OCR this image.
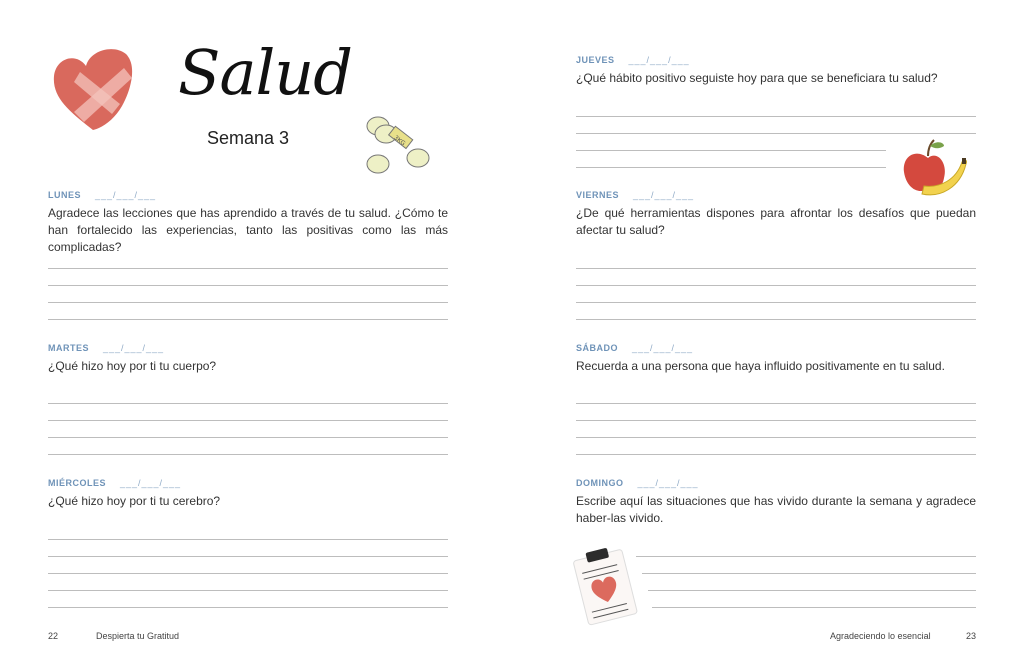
Salud
Semana 3	3KG
LUNES ___/___/___
Agradece las lecciones que has aprendido a través de tu salud. ¿Cómo te han fortalecido las experiencias, tanto las positivas como las más complicadas?
MARTES ___/___/___
¿Qué hizo hoy por ti tu cuerpo?
MIÉRCOLES ___/___/___
¿Qué hizo hoy por ti tu cerebro?
22	Despierta tu Gratitud
JUEVES ___/___/___
¿Qué hábito positivo seguiste hoy para que se beneficiara tu salud?
VIERNES ___/___/___
¿De qué herramientas dispones para afrontar los desafíos que puedan afectar tu salud?
SÁBADO ___/___/___
Recuerda a una persona que haya influido positivamente en tu salud.
DOMINGO ___/___/___
Escribe aquí las situaciones que has vivido durante la semana y agradece haber-las vivido.
Agradeciendo lo esencial	23
